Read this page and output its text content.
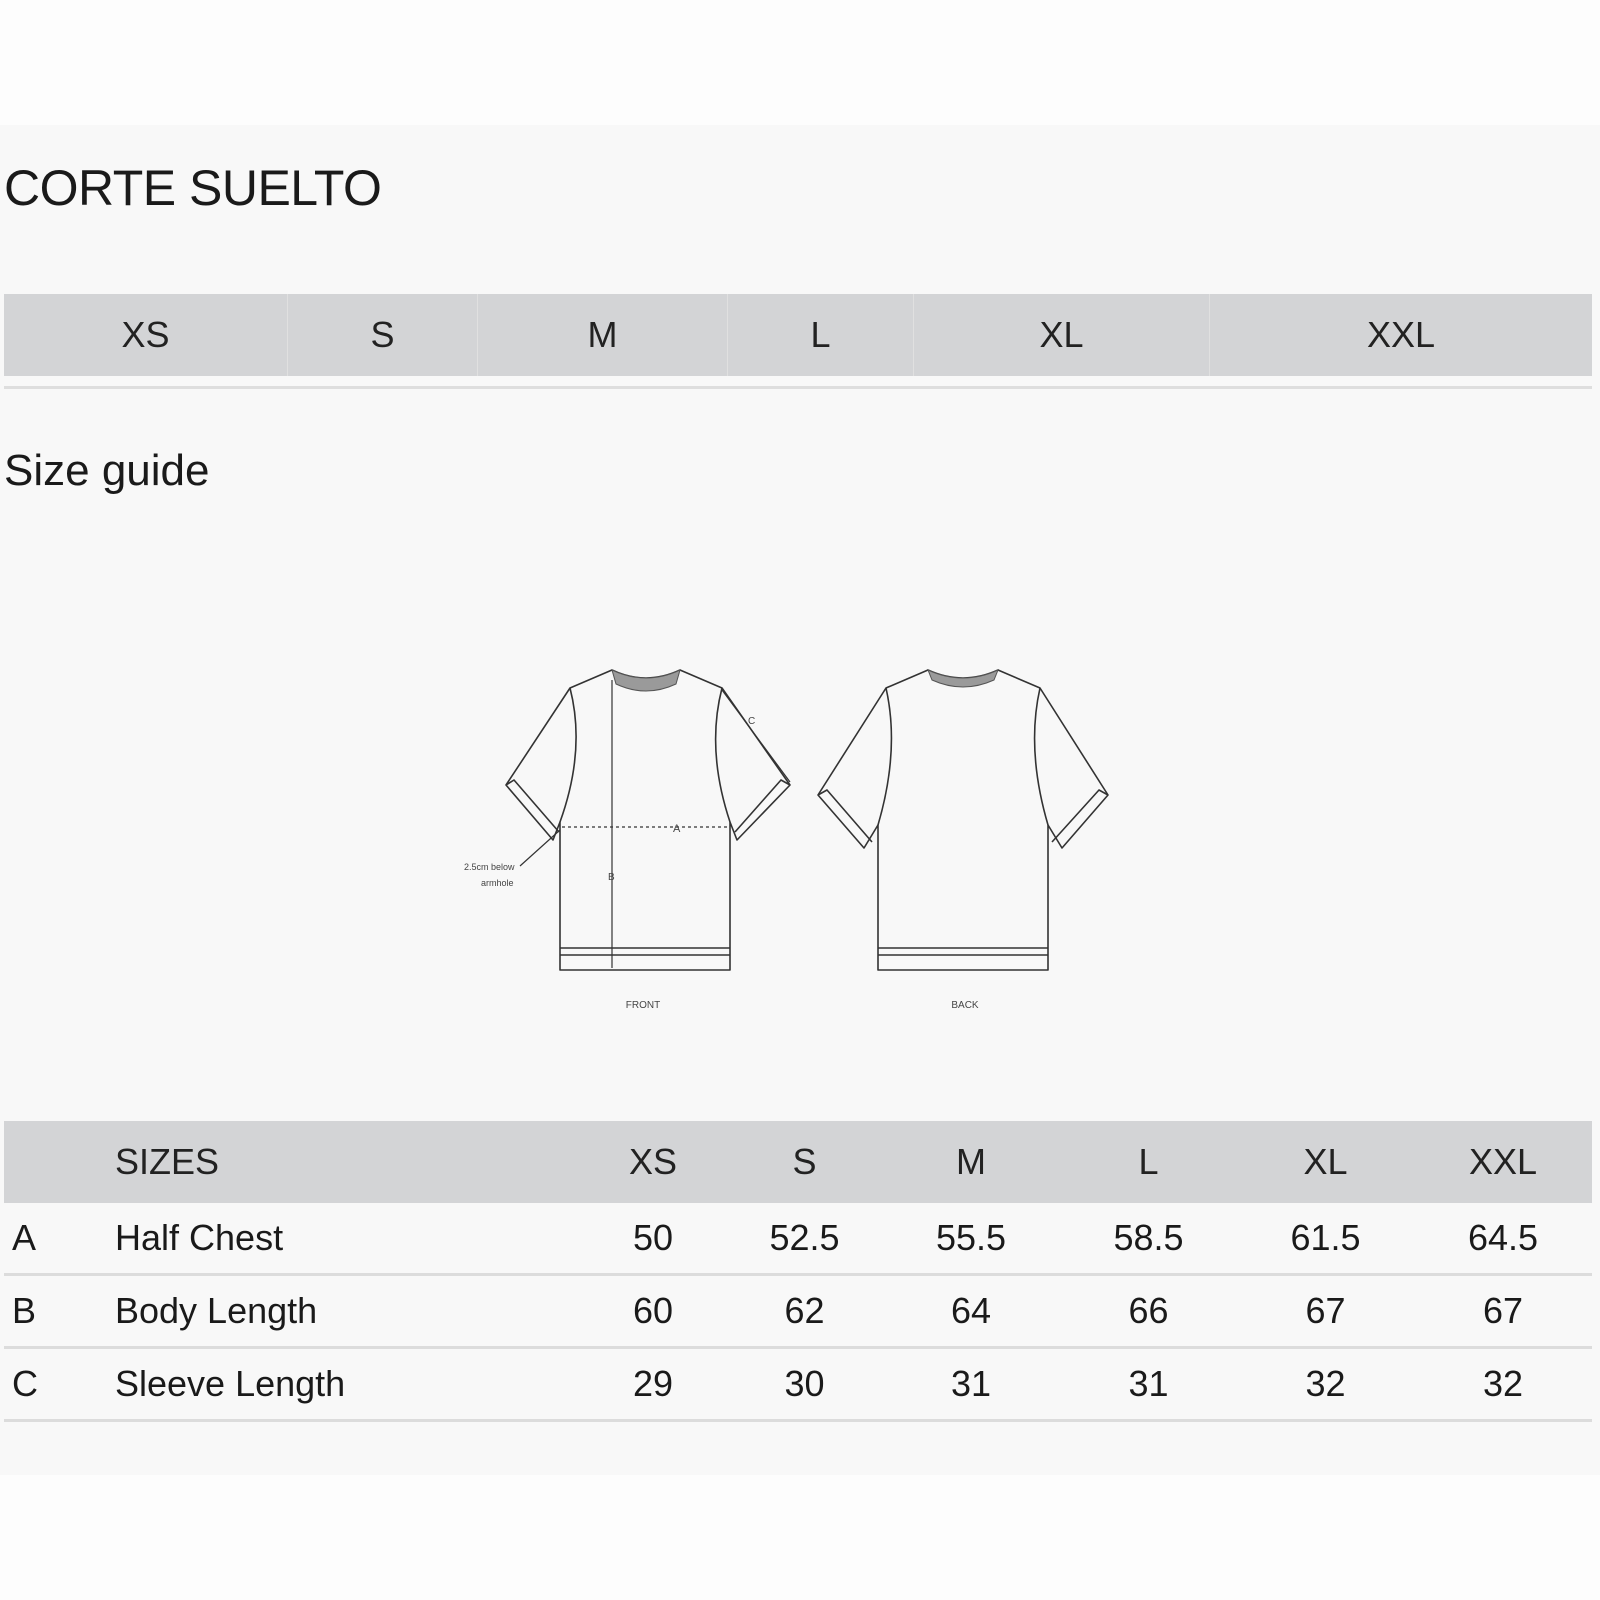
CORTE SUELTO
XS	S	M	L	XL	XXL
Size guide
A
B
C
2.5cm below
armhole
FRONT	BACK
	SIZES	XS	S	M	L	XL	XXL
A	Half Chest	50	52.5	55.5	58.5	61.5	64.5
B	Body Length	60	62	64	66	67	67
C	Sleeve Length	29	30	31	31	32	32
